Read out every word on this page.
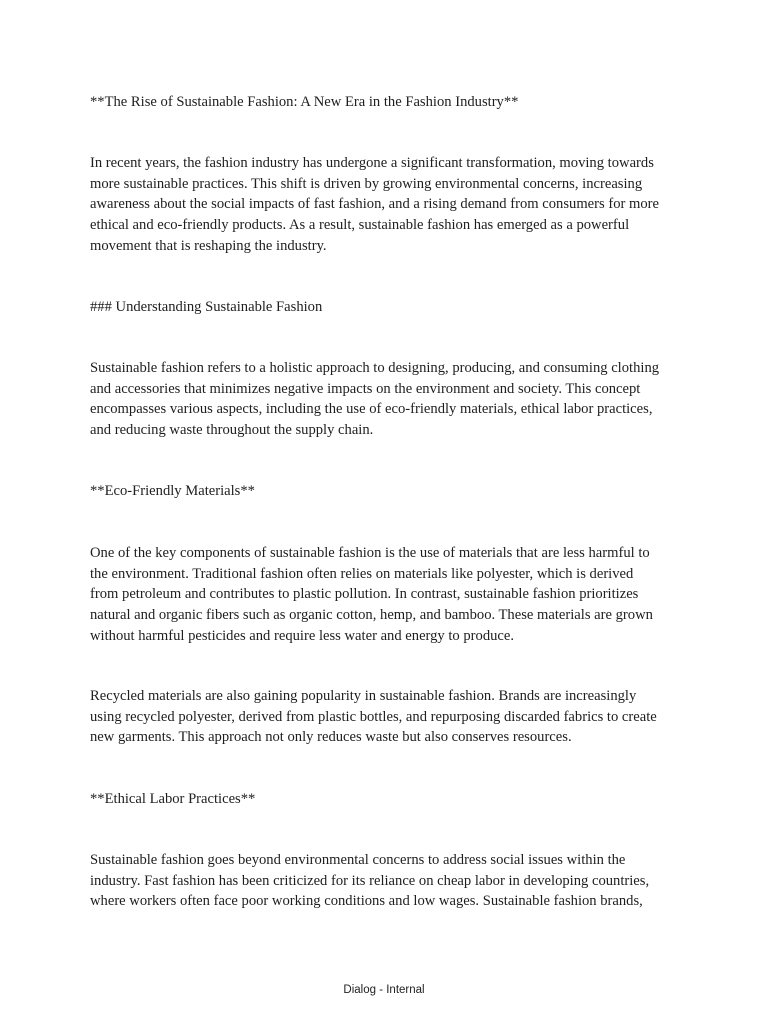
**The Rise of Sustainable Fashion: A New Era in the Fashion Industry**

In recent years, the fashion industry has undergone a significant transformation, moving towards
more sustainable practices. This shift is driven by growing environmental concerns, increasing
awareness about the social impacts of fast fashion, and a rising demand from consumers for more
ethical and eco-friendly products. As a result, sustainable fashion has emerged as a powerful
movement that is reshaping the industry.

### Understanding Sustainable Fashion

Sustainable fashion refers to a holistic approach to designing, producing, and consuming clothing
and accessories that minimizes negative impacts on the environment and society. This concept
encompasses various aspects, including the use of eco-friendly materials, ethical labor practices,
and reducing waste throughout the supply chain.

**Eco-Friendly Materials**

One of the key components of sustainable fashion is the use of materials that are less harmful to
the environment. Traditional fashion often relies on materials like polyester, which is derived
from petroleum and contributes to plastic pollution. In contrast, sustainable fashion prioritizes
natural and organic fibers such as organic cotton, hemp, and bamboo. These materials are grown
without harmful pesticides and require less water and energy to produce.

Recycled materials are also gaining popularity in sustainable fashion. Brands are increasingly
using recycled polyester, derived from plastic bottles, and repurposing discarded fabrics to create
new garments. This approach not only reduces waste but also conserves resources.

**Ethical Labor Practices**

Sustainable fashion goes beyond environmental concerns to address social issues within the
industry. Fast fashion has been criticized for its reliance on cheap labor in developing countries,
where workers often face poor working conditions and low wages. Sustainable fashion brands,

Dialog - Internal
